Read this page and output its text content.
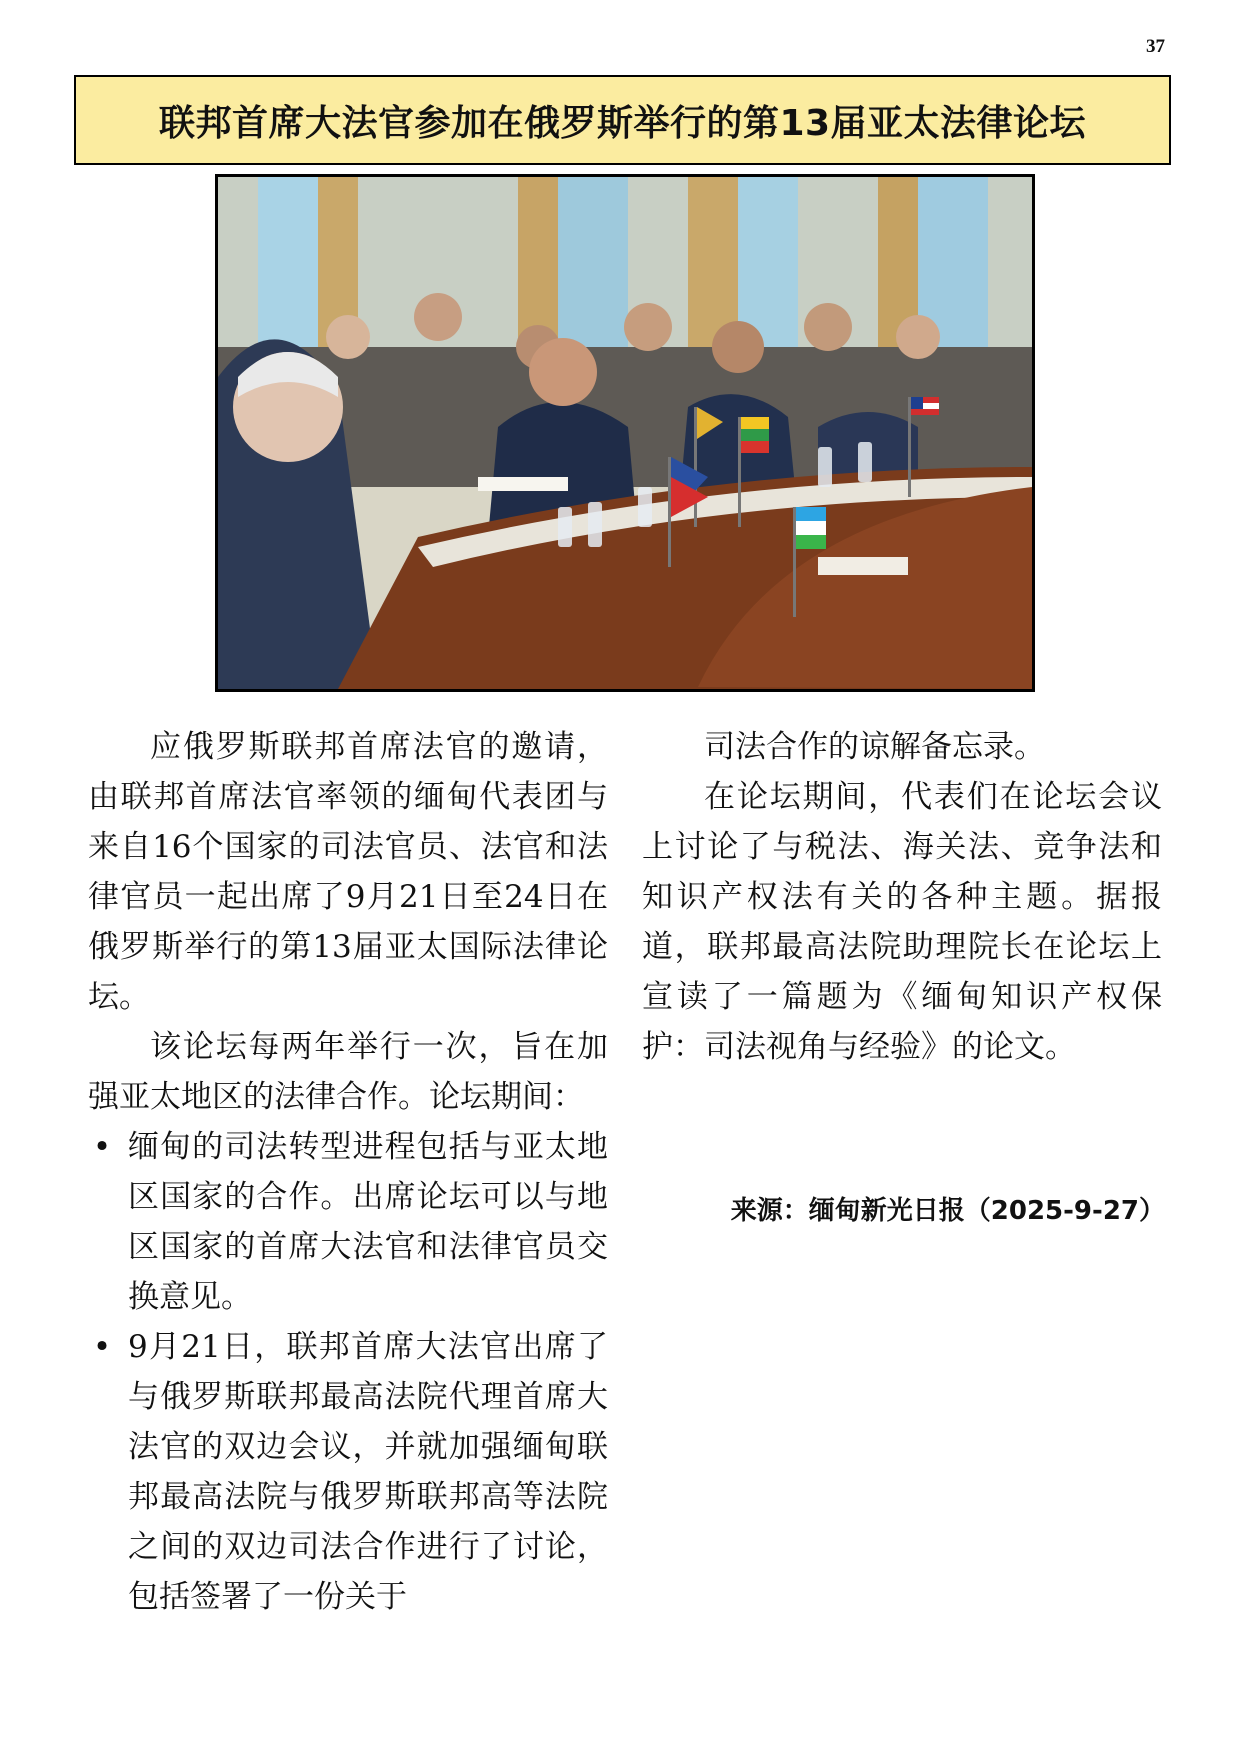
37
联邦首席大法官参加在俄罗斯举行的第13届亚太法律论坛

应俄罗斯联邦首席法官的邀请，由联邦首席法官率领的缅甸代表团与来自16个国家的司法官员、法官和法律官员一起出席了9月21日至24日在俄罗斯举行的第13届亚太国际法律论坛。

该论坛每两年举行一次，旨在加强亚太地区的法律合作。论坛期间：

• 缅甸的司法转型进程包括与亚太地区国家的合作。出席论坛可以与地区国家的首席大法官和法律官员交换意见。
• 9月21日，联邦首席大法官出席了与俄罗斯联邦最高法院代理首席大法官的双边会议，并就加强缅甸联邦最高法院与俄罗斯联邦高等法院之间的双边司法合作进行了讨论，包括签署了一份关于

司法合作的谅解备忘录。

在论坛期间，代表们在论坛会议上讨论了与税法、海关法、竞争法和知识产权法有关的各种主题。据报道，联邦最高法院助理院长在论坛上宣读了一篇题为《缅甸知识产权保护：司法视角与经验》的论文。

来源：缅甸新光日报（2025-9-27）
